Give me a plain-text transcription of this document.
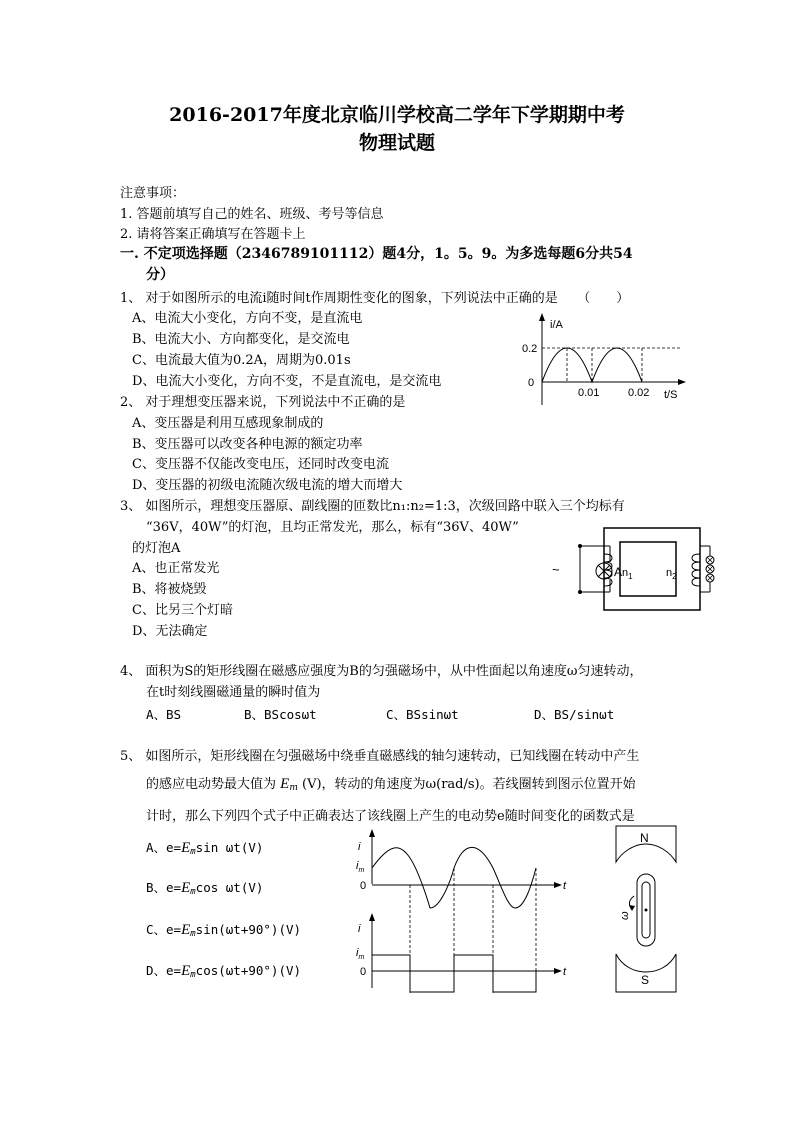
2016-2017年度北京临川学校高二学年下学期期中考
物理试题
注意事项：
1. 答题前填写自己的姓名、班级、考号等信息
2. 请将答案正确填写在答题卡上
一. 不定项选择题（2346789101112）题4分，1。5。9。为多选每题6分共54
分）
1、 对于如图所示的电流i随时间t作周期性变化的图象，下列说法中正确的是　　（　　）
A、电流大小变化，方向不变，是直流电
B、电流大小、方向都变化，是交流电
C、电流最大值为0.2A，周期为0.01s
D、电流大小变化，方向不变，不是直流电，是交流电
i/A
0.2
0
0.01	0.02 t/S
2、 对于理想变压器来说，下列说法中不正确的是
A、变压器是利用互感现象制成的
B、变压器可以改变各种电源的额定功率
C、变压器不仅能改变电压，还同时改变电流
D、变压器的初级电流随次级电流的增大而增大
3、 如图所示，理想变压器原、副线圈的匝数比n₁:n₂=1:3，次级回路中联入三个均标有
“36V，40W”的灯泡，且均正常发光，那么，标有“36V、40W”
的灯泡A
A、也正常发光
B、将被烧毁
C、比另三个灯暗
D、无法确定
~	A $n_1$	$n_2$
4、 面积为S的矩形线圈在磁感应强度为B的匀强磁场中，从中性面起以角速度ω匀速转动，
在t时刻线圈磁通量的瞬时值为
A、BS	B、BScosωt	C、BSsinωt	D、BS/sinωt
5、 如图所示，矩形线圈在匀强磁场中绕垂直磁感线的轴匀速转动，已知线圈在转动中产生
的感应电动势最大值为 $E_m$ (V)，转动的角速度为ω(rad/s)。若线圈转到图示位置开始
计时，那么下列四个式子中正确表达了该线圈上产生的电动势e随时间变化的函数式是
A、$e=E_m\sin$ ωt(V)
B、$e=E_m\cos$ ωt(V)
C、$e=E_m\sin(\omega t+90^\circ)(V)$
D、$e=E_m\cos(\omega t+90^\circ)(V)$
i
$i_m$
0	t
i
$i_m$
0	t
N
S
ω
